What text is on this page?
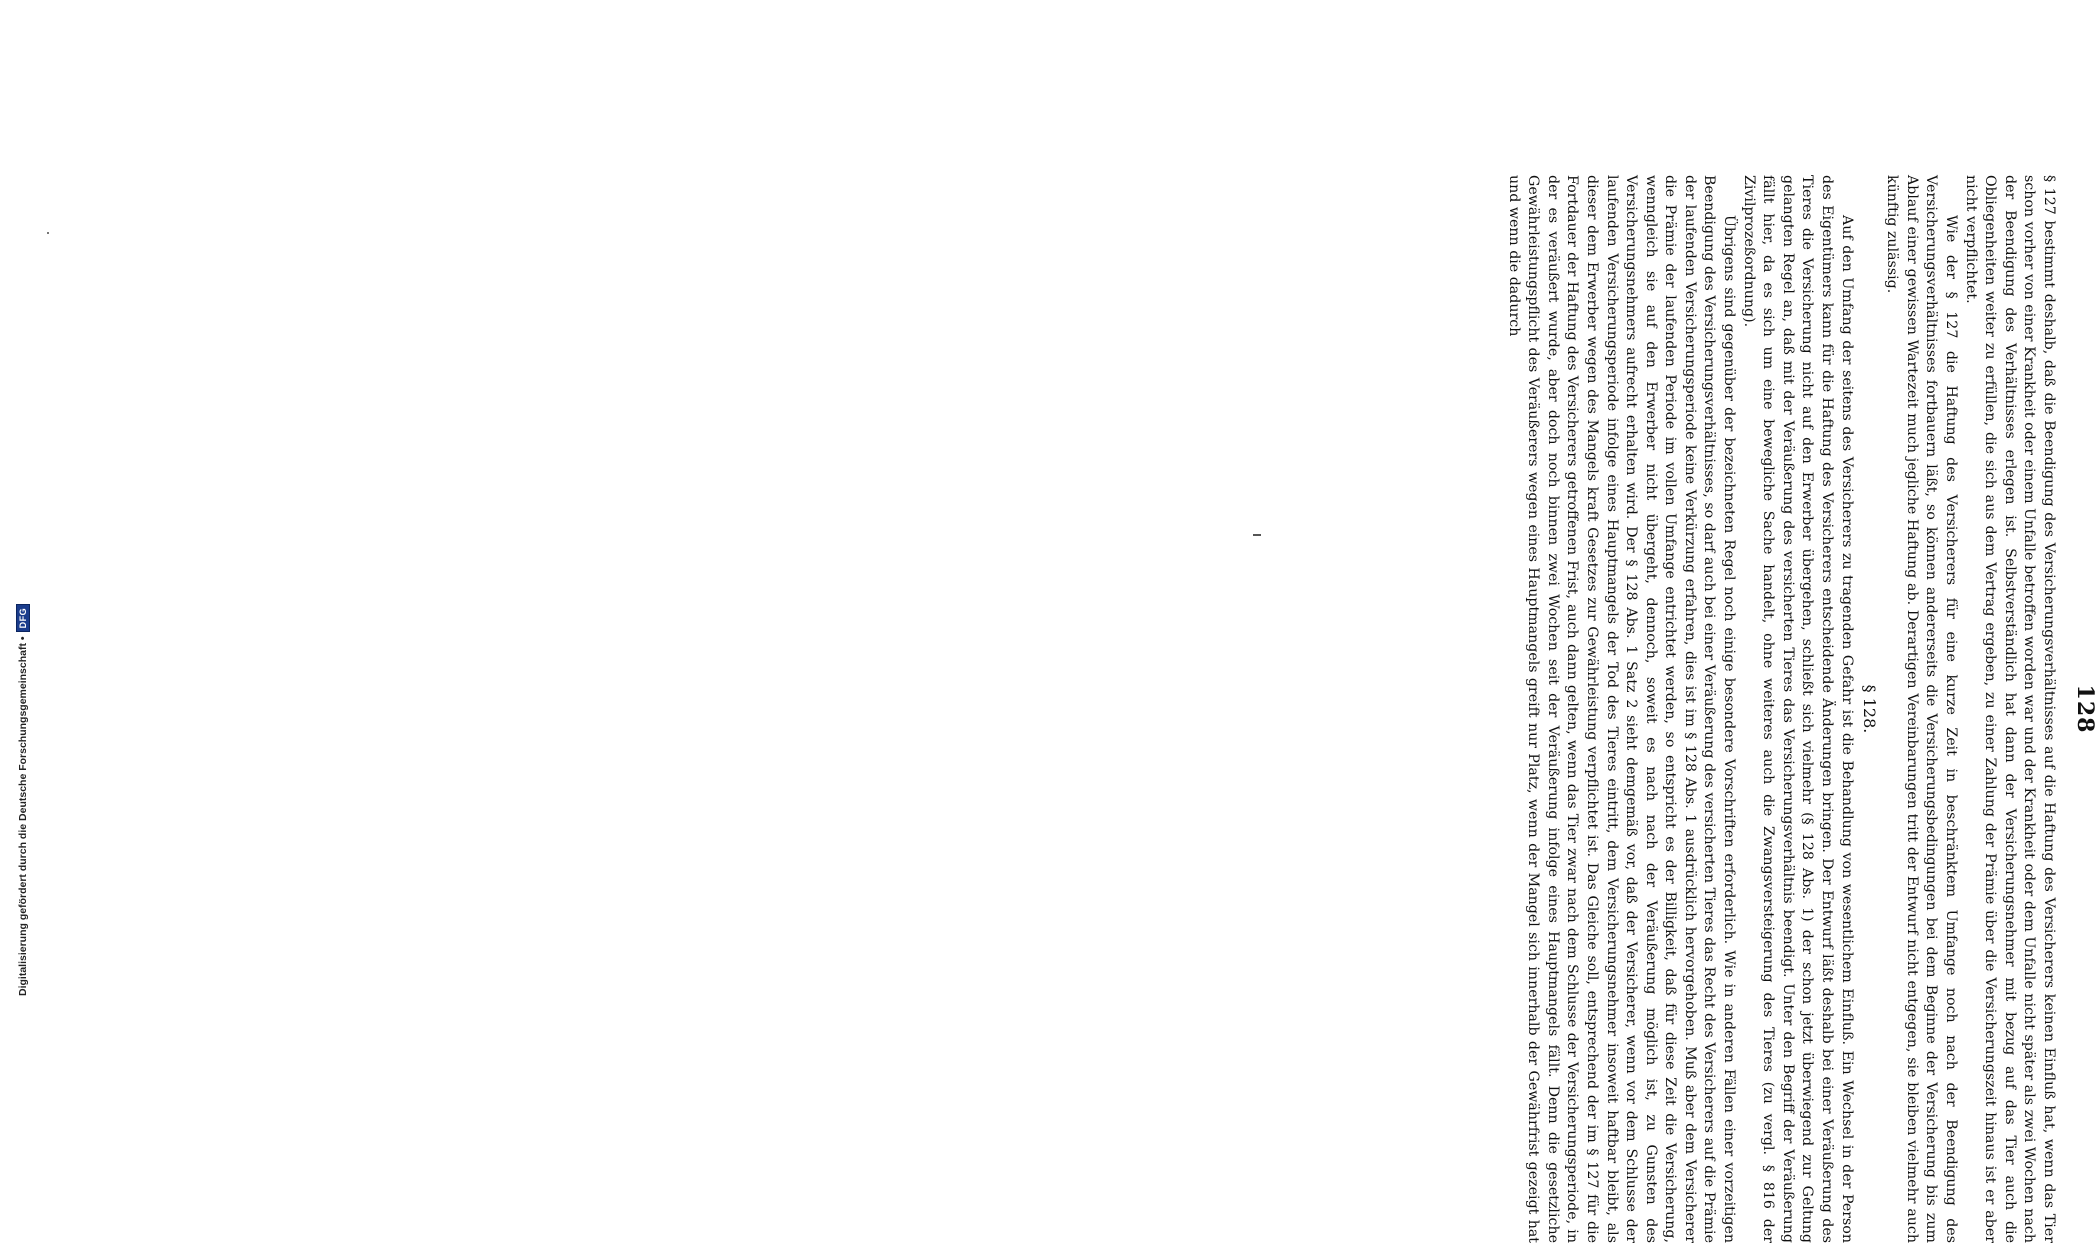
128

§ 127 bestimmt deshalb, daß die Beendigung des Versicherungsverhältnisses auf die Haftung des Versicherers keinen Einfluß hat, wenn das Tier schon vorher von einer Krankheit oder einem Unfalle betroffen worden war und der Krankheit oder dem Unfalle nicht später als zwei Wochen nach der Beendigung des Verhältnisses erlegen ist. Selbstverständlich hat dann der Versicherungsnehmer mit bezug auf das Tier auch die Obliegenheiten weiter zu erfüllen, die sich aus dem Vertrag ergeben, zu einer Zahlung der Prämie über die Versicherungszeit hinaus ist er aber nicht verpflichtet.

Wie der § 127 die Haftung des Versicherers für eine kurze Zeit in beschränktem Umfange noch nach der Beendigung des Versicherungsverhältnisses fortbauern läßt, so können andererseits die Versicherungsbedingungen bei dem Beginne der Versicherung bis zum Ablauf einer gewissen Wartezeit much jegliche Haftung ab. Derartigen Vereinbarungen tritt der Entwurf nicht entgegen, sie bleiben vielmehr auch künftig zulässig.

§ 128.

Auf den Umfang der seitens des Versicherers zu tragenden Gefahr ist die Behandlung von wesentlichem Einfluß. Ein Wechsel in der Person des Eigentümers kann für die Haftung des Versicherers entscheidende Änderungen bringen. Der Entwurf läßt deshalb bei einer Veräußerung des Tieres die Versicherung nicht auf den Erwerber übergehen, schließt sich vielmehr (§ 128 Abs. 1) der schon jetzt überwiegend zur Geltung gelangten Regel an, daß mit der Veräußerung des versicherten Tieres das Versicherungsverhältnis beendigt. Unter den Begriff der Veräußerung fällt hier, da es sich um eine bewegliche Sache handelt, ohne weiteres auch die Zwangsversteigerung des Tieres (zu vergl. § 816 der Zivilprozeßordnung).

Übrigens sind gegenüber der bezeichneten Regel noch einige besondere Vorschriften erforderlich. Wie in anderen Fällen einer vorzeitigen Beendigung des Versicherungsverhältnisses, so darf auch bei einer Veräußerung des versicherten Tieres das Recht des Versicherers auf die Prämie der laufenden Versicherungsperiode keine Verkürzung erfahren, dies ist im § 128 Abs. 1 ausdrücklich hervorgehoben. Muß aber dem Versicherer die Prämie der laufenden Periode im vollen Umfange entrichtet werden, so entspricht es der Billigkeit, daß für diese Zeit die Versicherung, wenngleich sie auf den Erwerber nicht übergeht, dennoch, soweit es nach nach der Veräußerung möglich ist, zu Gunsten des Versicherungsnehmers aufrecht erhalten wird. Der § 128 Abs. 1 Satz 2 sieht demgemäß vor, daß der Versicherer, wenn vor dem Schlusse der laufenden Versicherungsperiode infolge eines Hauptmangels der Tod des Tieres eintritt, dem Versicherungsnehmer insoweit haftbar bleibt, als dieser dem Erwerber wegen des Mangels kraft Gesetzes zur Gewährleistung verpflichtet ist. Das Gleiche soll, entsprechend der im § 127 für die Fortdauer der Haftung des Versicherers getroffenen Frist, auch dann gelten, wenn das Tier zwar nach dem Schlusse der Versicherungsperiode, in der es veräußert wurde, aber doch noch binnen zwei Wochen seit der Veräußerung infolge eines Hauptmangels fällt. Denn die gesetzliche Gewährleistungspflicht des Veräußerers wegen eines Hauptmangels greift nur Platz, wenn der Mangel sich innerhalb der Gewährfrist gezeigt hat und wenn die dadurch

Digitalisierung gefördert durch die Deutsche Forschungsgemeinschaft •
DFG
